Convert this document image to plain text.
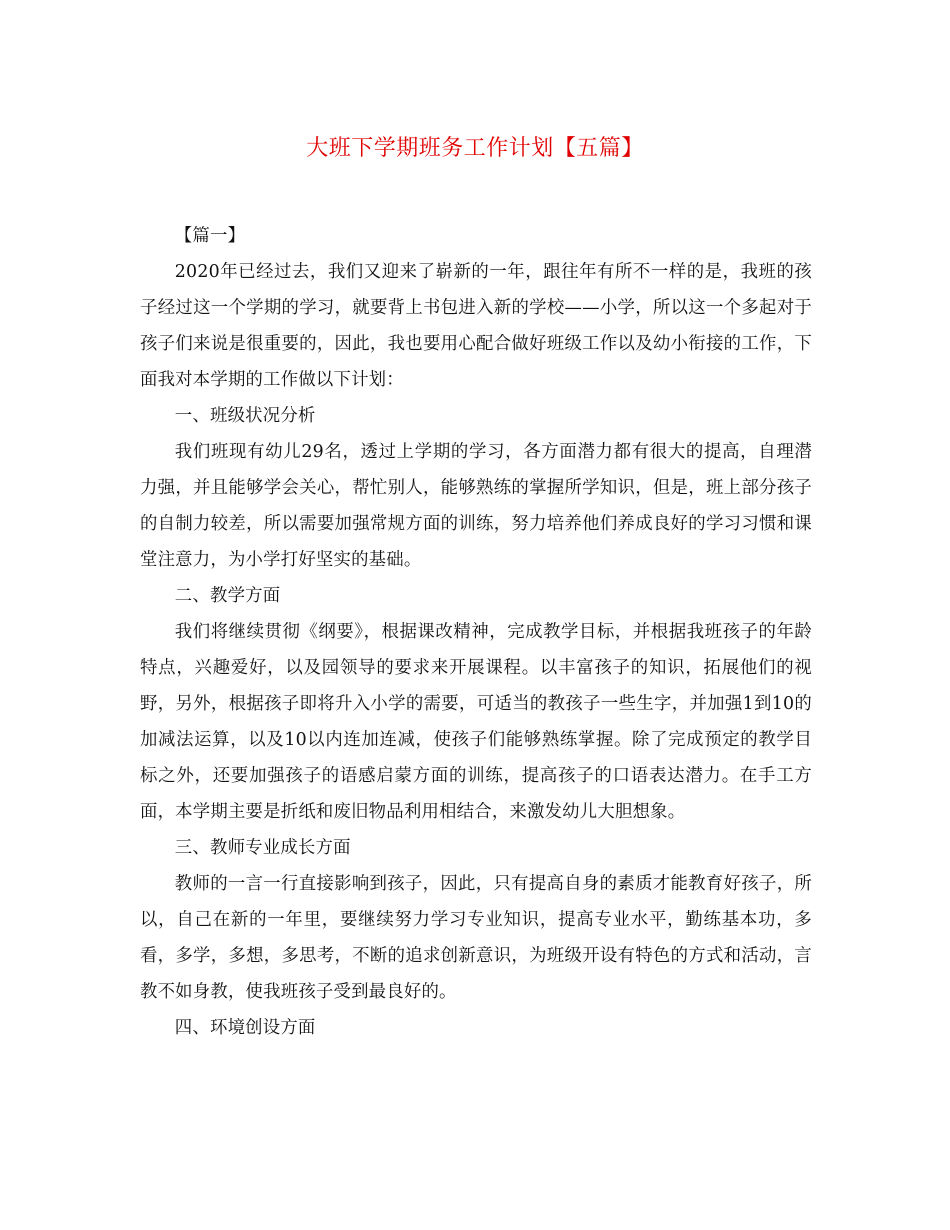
大班下学期班务工作计划【五篇】

【篇一】

2020年已经过去，我们又迎来了崭新的一年，跟往年有所不一样的是，我班的孩子经过这一个学期的学习，就要背上书包进入新的学校——小学，所以这一个多起对于孩子们来说是很重要的，因此，我也要用心配合做好班级工作以及幼小衔接的工作，下面我对本学期的工作做以下计划：

一、班级状况分析

我们班现有幼儿29名，透过上学期的学习，各方面潜力都有很大的提高，自理潜力强，并且能够学会关心，帮忙别人，能够熟练的掌握所学知识，但是，班上部分孩子的自制力较差，所以需要加强常规方面的训练，努力培养他们养成良好的学习习惯和课堂注意力，为小学打好坚实的基础。

二、教学方面

我们将继续贯彻《纲要》，根据课改精神，完成教学目标，并根据我班孩子的年龄特点，兴趣爱好，以及园领导的要求来开展课程。以丰富孩子的知识，拓展他们的视野，另外，根据孩子即将升入小学的需要，可适当的教孩子一些生字，并加强1到10的加减法运算，以及10以内连加连减，使孩子们能够熟练掌握。除了完成预定的教学目标之外，还要加强孩子的语感启蒙方面的训练，提高孩子的口语表达潜力。在手工方面，本学期主要是折纸和废旧物品利用相结合，来激发幼儿大胆想象。

三、教师专业成长方面

教师的一言一行直接影响到孩子，因此，只有提高自身的素质才能教育好孩子，所以，自己在新的一年里，要继续努力学习专业知识，提高专业水平，勤练基本功，多看，多学，多想，多思考，不断的追求创新意识，为班级开设有特色的方式和活动，言教不如身教，使我班孩子受到最良好的。

四、环境创设方面
